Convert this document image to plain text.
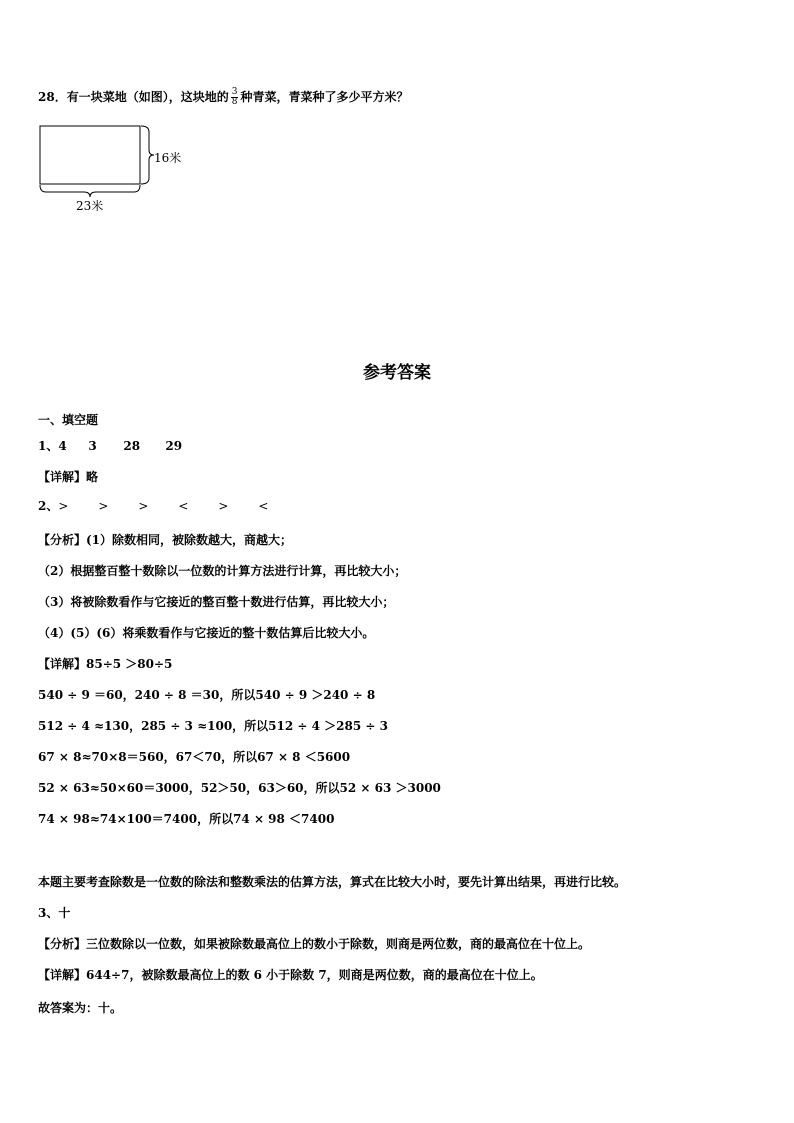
28．有一块菜地（如图），这块地的 $\frac{3}{8}$ 种青菜，青菜种了多少平方米？
16米
23米
参考答案
一、填空题
1、4 3 28 29
【详解】略
2、> > > < > <
【分析】(1）除数相同，被除数越大，商越大；
（2）根据整百整十数除以一位数的计算方法进行计算，再比较大小；
（3）将被除数看作与它接近的整百整十数进行估算，再比较大小；
（4）(5）(6）将乘数看作与它接近的整十数估算后比较大小。
【详解】85÷5 ＞80÷5
540 ÷ 9 ＝60，240 ÷ 8 ＝30，所以540 ÷ 9 ＞240 ÷ 8
512 ÷ 4 ≈130，285 ÷ 3 ≈100，所以512 ÷ 4 ＞285 ÷ 3
67 × 8≈70×8＝560，67＜70，所以67 × 8 ＜5600
52 × 63≈50×60＝3000，52＞50，63＞60，所以52 × 63 ＞3000
74 × 98≈74×100＝7400，所以74 × 98 ＜7400
本题主要考查除数是一位数的除法和整数乘法的估算方法，算式在比较大小时，要先计算出结果，再进行比较。
3、十
【分析】三位数除以一位数，如果被除数最高位上的数小于除数，则商是两位数，商的最高位在十位上。
【详解】644÷7，被除数最高位上的数 6 小于除数 7，则商是两位数，商的最高位在十位上。
故答案为：十。
